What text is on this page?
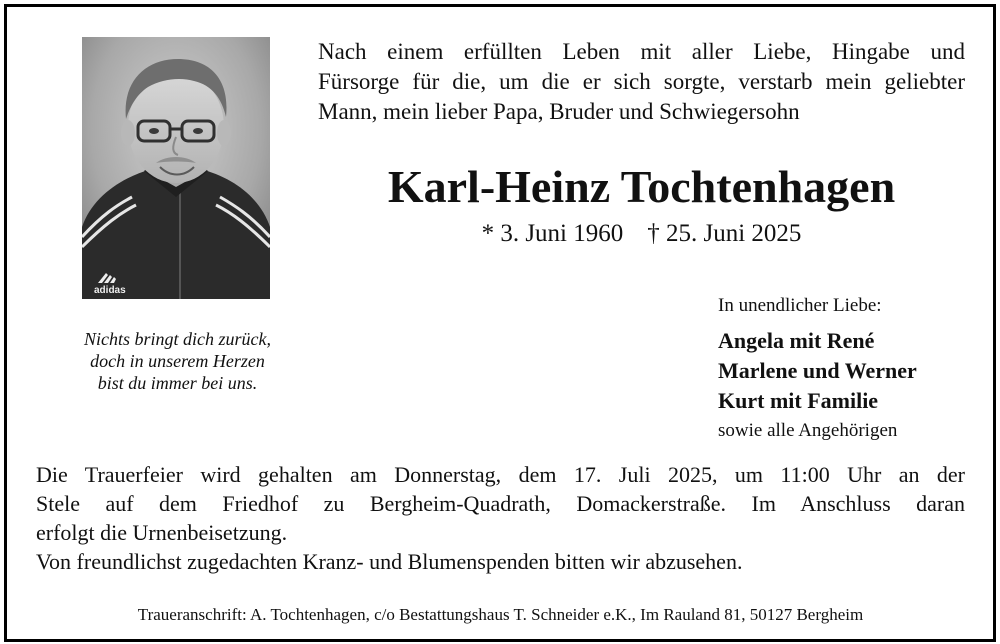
adidas
Nichts bringt dich zurück,
doch in unserem Herzen
bist du immer bei uns.
Nach einem erfüllten Leben mit aller Liebe, Hingabe und
Fürsorge für die, um die er sich sorgte, verstarb mein geliebter
Mann, mein lieber Papa, Bruder und Schwiegersohn
Karl-Heinz Tochtenhagen
* 3. Juni 1960 † 25. Juni 2025
In unendlicher Liebe:
Angela mit René
Marlene und Werner
Kurt mit Familie
sowie alle Angehörigen
Die Trauerfeier wird gehalten am Donnerstag, dem 17. Juli 2025, um 11:00 Uhr an der
Stele auf dem Friedhof zu Bergheim-Quadrath, Domackerstraße. Im Anschluss daran
erfolgt die Urnenbeisetzung.
Von freundlichst zugedachten Kranz- und Blumenspenden bitten wir abzusehen.
Traueranschrift: A. Tochtenhagen, c/o Bestattungshaus T. Schneider e.K., Im Rauland 81, 50127 Bergheim
